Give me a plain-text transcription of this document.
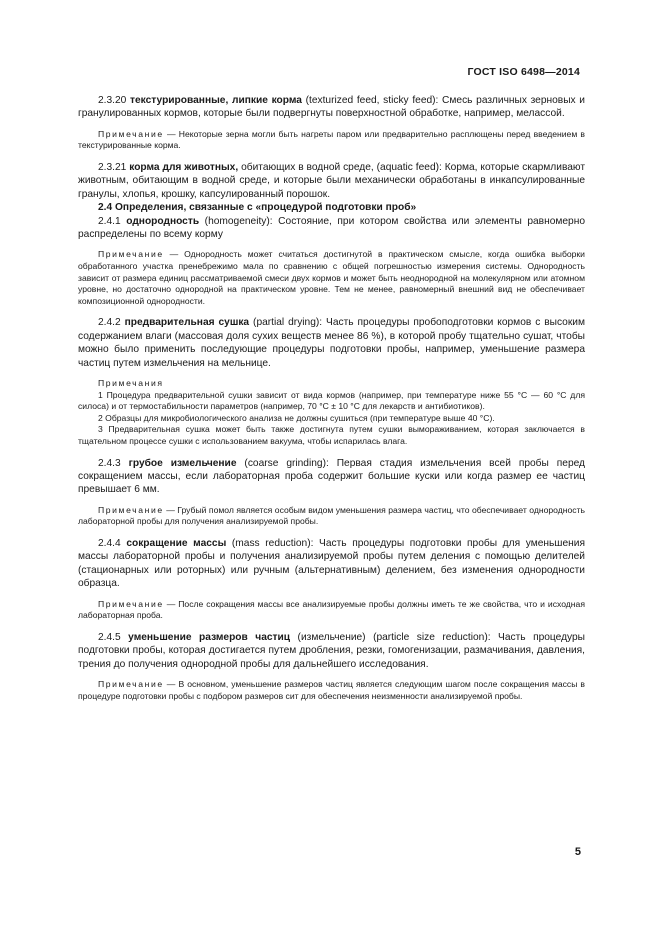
ГОСТ ISO 6498—2014

2.3.20 текстурированные, липкие корма (texturized feed, sticky feed): Смесь различных зерновых и гранулированных кормов, которые были подвергнуты поверхностной обработке, например, мелассой.

Примечание — Некоторые зерна могли быть нагреты паром или предварительно расплющены перед введением в текстурированные корма.

2.3.21 корма для животных, обитающих в водной среде, (aquatic feed): Корма, которые скармливают животным, обитающим в водной среде, и которые были механически обработаны в инкапсулированные гранулы, хлопья, крошку, капсулированный порошок.

2.4 Определения, связанные с «процедурой подготовки проб»

2.4.1 однородность (homogeneity): Состояние, при котором свойства или элементы равномерно распределены по всему корму

Примечание — Однородность может считаться достигнутой в практическом смысле, когда ошибка выборки обработанного участка пренебрежимо мала по сравнению с общей погрешностью измерения системы. Однородность зависит от размера единиц рассматриваемой смеси двух кормов и может быть неоднородной на молекулярном или атомном уровне, но достаточно однородной на практическом уровне. Тем не менее, равномерный внешний вид не обеспечивает композиционной однородности.

2.4.2 предварительная сушка (partial drying): Часть процедуры пробоподготовки кормов с высоким содержанием влаги (массовая доля сухих веществ менее 86 %), в которой пробу тщательно сушат, чтобы можно было применить последующие процедуры подготовки пробы, например, уменьшение размера частиц путем измельчения на мельнице.

Примечания

1 Процедура предварительной сушки зависит от вида кормов (например, при температуре ниже 55 °С — 60 °С для силоса) и от термостабильности параметров (например, 70 °С ± 10 °С для лекарств и антибиотиков).

2 Образцы для микробиологического анализа не должны сушиться (при температуре выше 40 °С).

3 Предварительная сушка может быть также достигнута путем сушки вымораживанием, которая заключается в тщательном процессе сушки с использованием вакуума, чтобы испарилась влага.

2.4.3 грубое измельчение (coarse grinding): Первая стадия измельчения всей пробы перед сокращением массы, если лабораторная проба содержит большие куски или когда размер ее частиц превышает 6 мм.

Примечание — Грубый помол является особым видом уменьшения размера частиц, что обеспечивает однородность лабораторной пробы для получения анализируемой пробы.

2.4.4 сокращение массы (mass reduction): Часть процедуры подготовки пробы для уменьшения массы лабораторной пробы и получения анализируемой пробы путем деления с помощью делителей (стационарных или роторных) или ручным (альтернативным) делением, без изменения однородности образца.

Примечание — После сокращения массы все анализируемые пробы должны иметь те же свойства, что и исходная лабораторная проба.

2.4.5 уменьшение размеров частиц (измельчение) (particle size reduction): Часть процедуры подготовки пробы, которая достигается путем дробления, резки, гомогенизации, размачивания, давления, трения до получения однородной пробы для дальнейшего исследования.

Примечание — В основном, уменьшение размеров частиц является следующим шагом после сокращения массы в процедуре подготовки пробы с подбором размеров сит для обеспечения неизменности анализируемой пробы.

5
